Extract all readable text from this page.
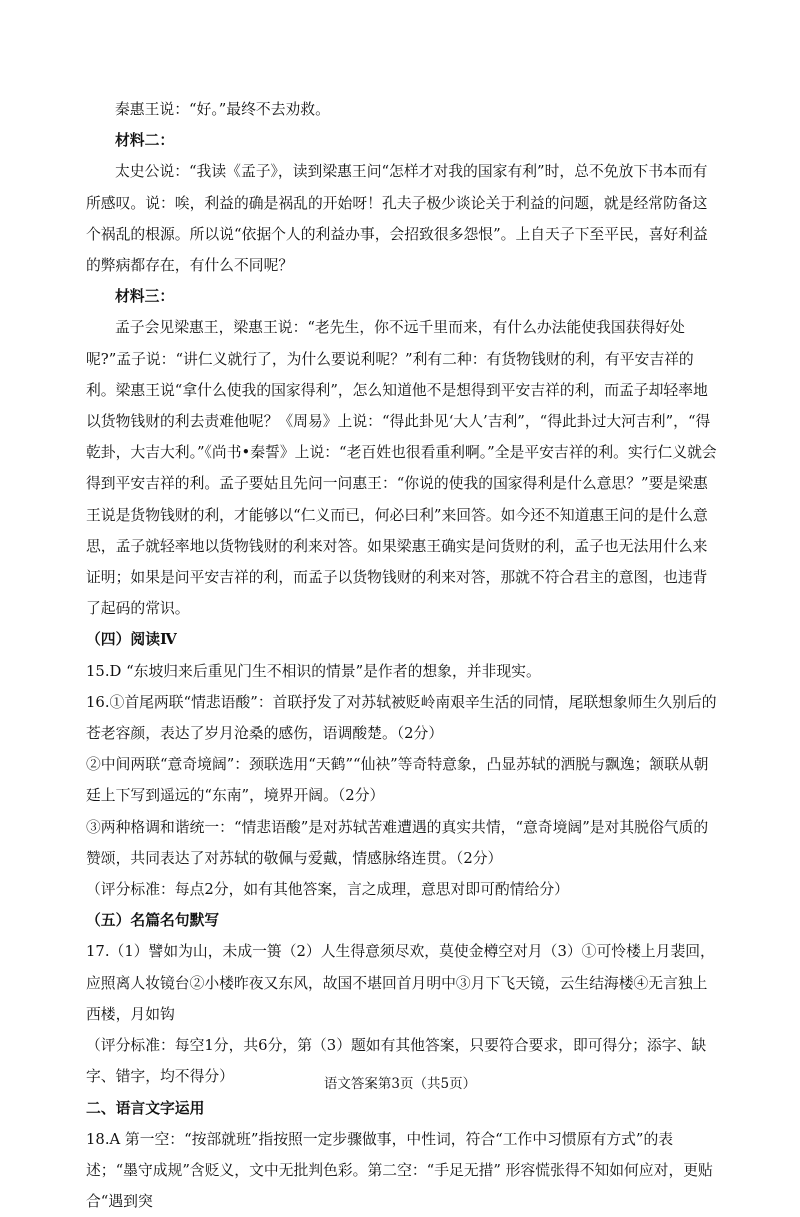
秦惠王说：“好。”最终不去劝救。

材料二：

太史公说：“我读《孟子》，读到梁惠王问“怎样才对我的国家有利”时，总不免放下书本而有所感叹。说：唉，利益的确是祸乱的开始呀！孔夫子极少谈论关于利益的问题，就是经常防备这个祸乱的根源。所以说“依据个人的利益办事，会招致很多怨恨”。上自天子下至平民，喜好利益的弊病都存在，有什么不同呢？

材料三：

孟子会见梁惠王，梁惠王说：“老先生，你不远千里而来，有什么办法能使我国获得好处呢?”孟子说：“讲仁义就行了，为什么要说利呢？”利有二种：有货物钱财的利，有平安吉祥的利。梁惠王说“拿什么使我的国家得利”，怎么知道他不是想得到平安吉祥的利，而孟子却轻率地以货物钱财的利去责难他呢？《周易》上说：“得此卦见‘大人’吉利”，“得此卦过大河吉利”，“得乾卦，大吉大利。”《尚书•秦誓》上说：“老百姓也很看重利啊。”全是平安吉祥的利。实行仁义就会得到平安吉祥的利。孟子要姑且先问一问惠王：“你说的使我的国家得利是什么意思？”要是梁惠王说是货物钱财的利，才能够以“仁义而已，何必曰利”来回答。如今还不知道惠王问的是什么意思，孟子就轻率地以货物钱财的利来对答。如果梁惠王确实是问货财的利，孟子也无法用什么来证明；如果是问平安吉祥的利，而孟子以货物钱财的利来对答，那就不符合君主的意图，也违背了起码的常识。

（四）阅读Ⅳ

15.D “东坡归来后重见门生不相识的情景”是作者的想象，并非现实。

16.①首尾两联“情悲语酸”：首联抒发了对苏轼被贬岭南艰辛生活的同情，尾联想象师生久别后的苍老容颜，表达了岁月沧桑的感伤，语调酸楚。（2分）

②中间两联“意奇境阔”：颈联选用“天鹤”“仙袂”等奇特意象，凸显苏轼的洒脱与飘逸；颔联从朝廷上下写到遥远的“东南”，境界开阔。（2分）

③两种格调和谐统一：“情悲语酸”是对苏轼苦难遭遇的真实共情，“意奇境阔”是对其脱俗气质的赞颂，共同表达了对苏轼的敬佩与爱戴，情感脉络连贯。（2分）

（评分标准：每点2分，如有其他答案，言之成理，意思对即可酌情给分）

（五）名篇名句默写

17.（1）譬如为山，未成一篑（2）人生得意须尽欢，莫使金樽空对月（3）①可怜楼上月裴回，应照离人妆镜台②小楼昨夜又东风，故国不堪回首月明中③月下飞天镜，云生结海楼④无言独上西楼，月如钩

（评分标准：每空1分，共6分，第（3）题如有其他答案，只要符合要求，即可得分；添字、缺字、错字，均不得分）

二、语言文字运用

18.A 第一空：“按部就班”指按照一定步骤做事，中性词，符合“工作中习惯原有方式”的表述；“墨守成规”含贬义，文中无批判色彩。第二空：“手足无措” 形容慌张得不知如何应对，更贴合“遇到突

语文答案第3页（共5页）
